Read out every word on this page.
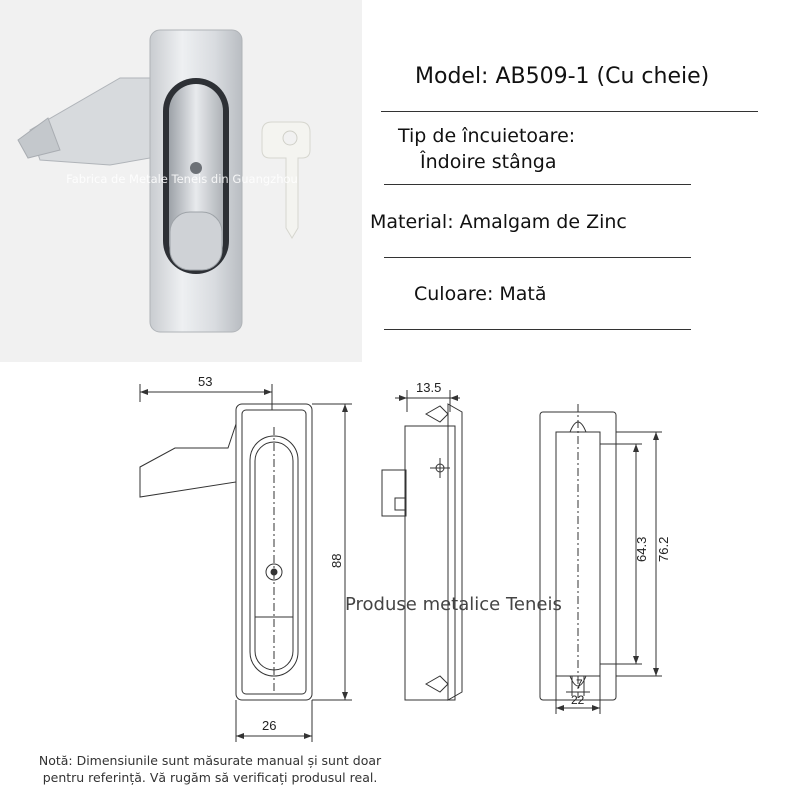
Fabrica de Metale Teneis din Guangzhou
Model: AB509-1 (Cu cheie)
Tip de încuietoare:
Îndoire stânga
Material: Amalgam de Zinc
Culoare: Mată
53
88
26
13.5
64.3 76.2
7
22
Produse metalice Teneis
Notă: Dimensiunile sunt măsurate manual și sunt doar
pentru referință. Vă rugăm să verificați produsul real.
